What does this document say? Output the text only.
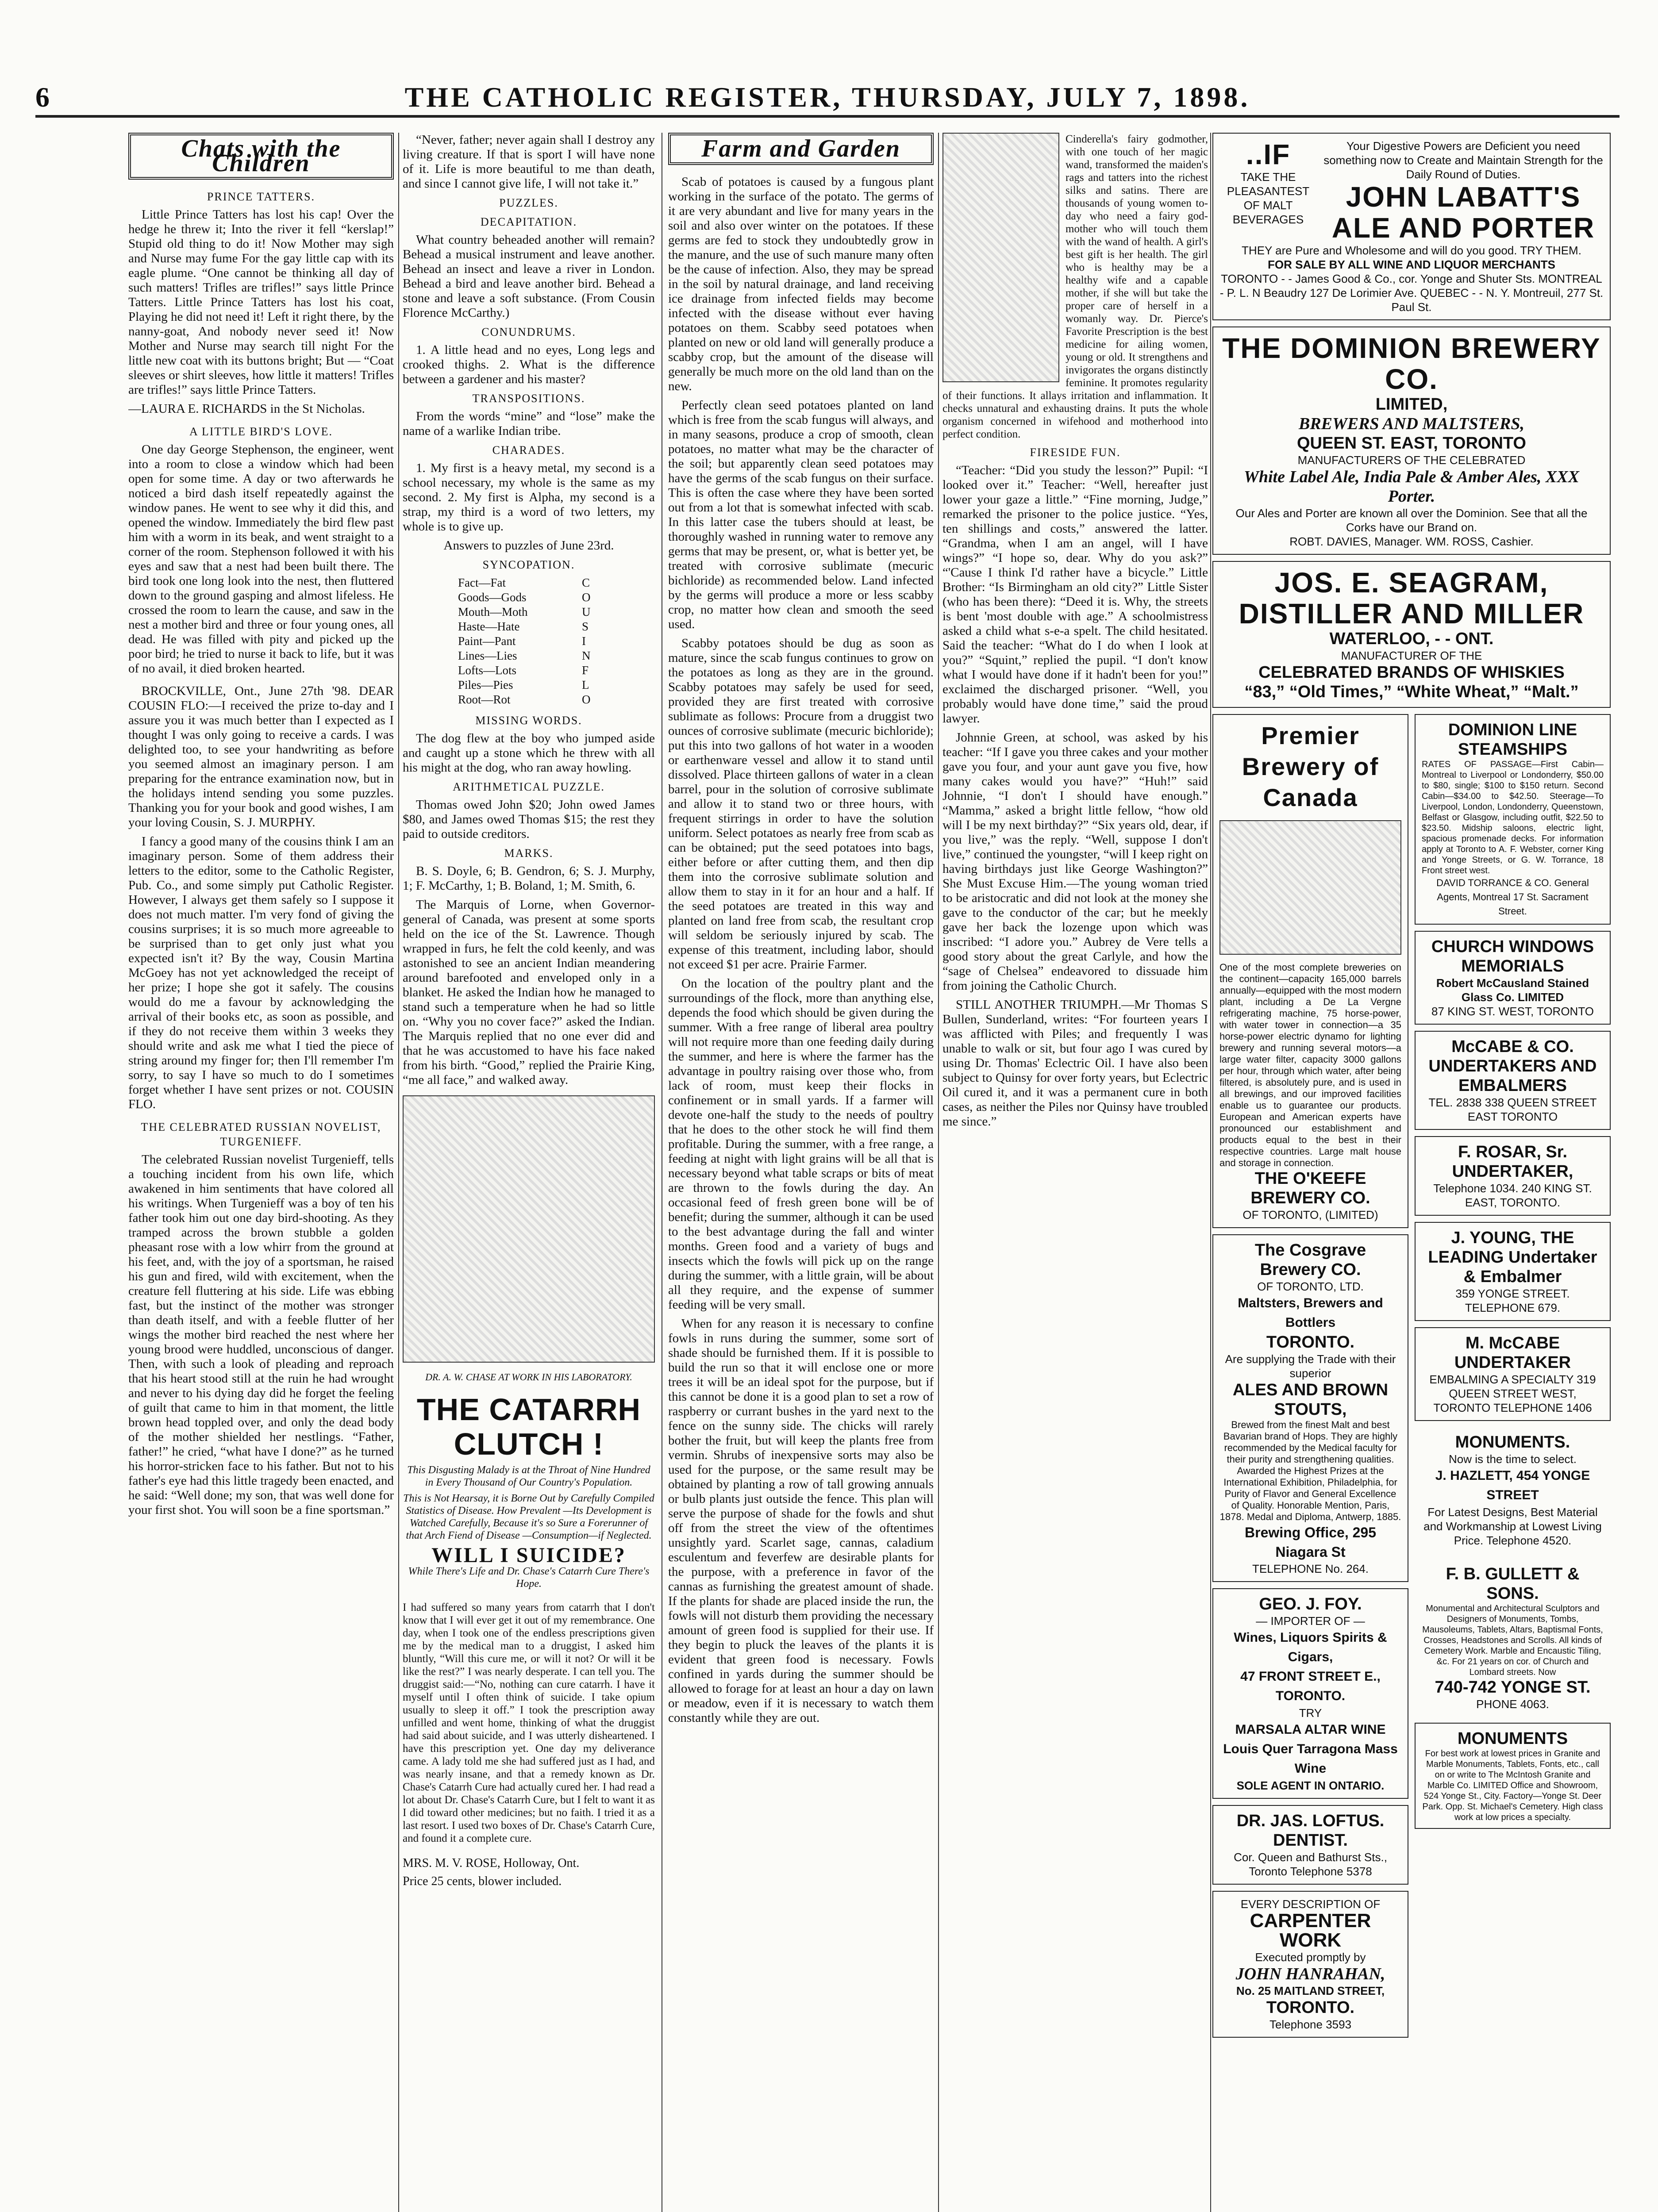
6	THE CATHOLIC REGISTER, THURSDAY, JULY 7, 1898.
Chats with the Children
PRINCE TATTERS.

Little Prince Tatters has lost his cap! Over the hedge he threw it; Into the river it fell “kerslap!” Stupid old thing to do it! Now Mother may sigh and Nurse may fume For the gay little cap with its eagle plume. “One cannot be thinking all day of such matters! Trifles are trifles!” says little Prince Tatters. Little Prince Tatters has lost his coat, Playing he did not need it! Left it right there, by the nanny-goat, And nobody never seed it! Now Mother and Nurse may search till night For the little new coat with its buttons bright; But — “Coat sleeves or shirt sleeves, how little it matters! Trifles are trifles!” says little Prince Tatters.

—LAURA E. RICHARDS in the St Nicholas.

A LITTLE BIRD'S LOVE.

One day George Stephenson, the engineer, went into a room to close a window which had been open for some time. A day or two afterwards he noticed a bird dash itself repeatedly against the window panes. He went to see why it did this, and opened the window. Immediately the bird flew past him with a worm in its beak, and went straight to a corner of the room. Stephenson followed it with his eyes and saw that a nest had been built there. The bird took one long look into the nest, then fluttered down to the ground gasping and almost lifeless. He crossed the room to learn the cause, and saw in the nest a mother bird and three or four young ones, all dead. He was filled with pity and picked up the poor bird; he tried to nurse it back to life, but it was of no avail, it died broken hearted.

BROCKVILLE, Ont., June 27th '98. DEAR COUSIN FLO:—I received the prize to-day and I assure you it was much better than I expected as I thought I was only going to receive a cards. I was delighted too, to see your handwriting as before you seemed almost an imaginary person. I am preparing for the entrance examination now, but in the holidays intend sending you some puzzles. Thanking you for your book and good wishes, I am your loving Cousin, S. J. MURPHY.

I fancy a good many of the cousins think I am an imaginary person. Some of them address their letters to the editor, some to the Catholic Register, Pub. Co., and some simply put Catholic Register. However, I always get them safely so I suppose it does not much matter. I'm very fond of giving the cousins surprises; it is so much more agreeable to be surprised than to get only just what you expected isn't it? By the way, Cousin Martina McGoey has not yet acknowledged the receipt of her prize; I hope she got it safely. The cousins would do me a favour by acknowledging the arrival of their books etc, as soon as possible, and if they do not receive them within 3 weeks they should write and ask me what I tied the piece of string around my finger for; then I'll remember I'm sorry, to say I have so much to do I sometimes forget whether I have sent prizes or not. COUSIN FLO.

THE CELEBRATED RUSSIAN NOVELIST, TURGENIEFF.

The celebrated Russian novelist Turgenieff, tells a touching incident from his own life, which awakened in him sentiments that have colored all his writings. When Turgenieff was a boy of ten his father took him out one day bird-shooting. As they tramped across the brown stubble a golden pheasant rose with a low whirr from the ground at his feet, and, with the joy of a sportsman, he raised his gun and fired, wild with excitement, when the creature fell fluttering at his side. Life was ebbing fast, but the instinct of the mother was stronger than death itself, and with a feeble flutter of her wings the mother bird reached the nest where her young brood were huddled, unconscious of danger. Then, with such a look of pleading and reproach that his heart stood still at the ruin he had wrought and never to his dying day did he forget the feeling of guilt that came to him in that moment, the little brown head toppled over, and only the dead body of the mother shielded her nestlings. “Father, father!” he cried, “what have I done?” as he turned his horror-stricken face to his father. But not to his father's eye had this little tragedy been enacted, and he said: “Well done; my son, that was well done for your first shot. You will soon be a fine sportsman.”

“Never, father; never again shall I destroy any living creature. If that is sport I will have none of it. Life is more beautiful to me than death, and since I cannot give life, I will not take it.”

PUZZLES.
DECAPITATION.

What country beheaded another will remain? Behead a musical instrument and leave another. Behead an insect and leave a river in London. Behead a bird and leave another bird. Behead a stone and leave a soft substance. (From Cousin Florence McCarthy.)

CONUNDRUMS.

1. A little head and no eyes, Long legs and crooked thighs. 2. What is the difference between a gardener and his master?

TRANSPOSITIONS.

From the words “mine” and “lose” make the name of a warlike Indian tribe.

CHARADES.

1. My first is a heavy metal, my second is a school necessary, my whole is the same as my second. 2. My first is Alpha, my second is a strap, my third is a word of two letters, my whole is to give up.

Answers to puzzles of June 23rd.

SYNCOPATION.
Fact—Fat	C
Goods—Gods	O
Mouth—Moth	U
Haste—Hate	S
Paint—Pant	I
Lines—Lies	N
Lofts—Lots	F
Piles—Pies	L
Root—Rot	O
MISSING WORDS.

The dog flew at the boy who jumped aside and caught up a stone which he threw with all his might at the dog, who ran away howling.

ARITHMETICAL PUZZLE.

Thomas owed John $20; John owed James $80, and James owed Thomas $15; the rest they paid to outside creditors.

MARKS.

B. S. Doyle, 6; B. Gendron, 6; S. J. Murphy, 1; F. McCarthy, 1; B. Boland, 1; M. Smith, 6.

The Marquis of Lorne, when Governor-general of Canada, was present at some sports held on the ice of the St. Lawrence. Though wrapped in furs, he felt the cold keenly, and was astonished to see an ancient Indian meandering around barefooted and enveloped only in a blanket. He asked the Indian how he managed to stand such a temperature when he had so little on. “Why you no cover face?” asked the Indian. The Marquis replied that no one ever did and that he was accustomed to have his face naked from his birth. “Good,” replied the Prairie King, “me all face,” and walked away.

DR. A. W. CHASE AT WORK IN HIS LABORATORY.
THE CATARRH CLUTCH !
This Disgusting Malady is at the Throat of Nine Hundred in Every Thousand of Our Country's Population.
This is Not Hearsay, it is Borne Out by Carefully Compiled Statistics of Disease. How Prevalent —Its Development is Watched Carefully, Because it's so Sure a Forerunner of that Arch Fiend of Disease —Consumption—if Neglected.
WILL I SUICIDE?
While There's Life and Dr. Chase's Catarrh Cure There's Hope.

I had suffered so many years from catarrh that I don't know that I will ever get it out of my remembrance. One day, when I took one of the endless prescriptions given me by the medical man to a druggist, I asked him bluntly, “Will this cure me, or will it not? Or will it be like the rest?” I was nearly desperate. I can tell you. The druggist said:—“No, nothing can cure catarrh. I have it myself until I often think of suicide. I take opium usually to sleep it off.” I took the prescription away unfilled and went home, thinking of what the druggist had said about suicide, and I was utterly disheartened. I have this prescription yet. One day my deliverance came. A lady told me she had suffered just as I had, and was nearly insane, and that a remedy known as Dr. Chase's Catarrh Cure had actually cured her. I had read a lot about Dr. Chase's Catarrh Cure, but I felt to want it as I did toward other medicines; but no faith. I tried it as a last resort. I used two boxes of Dr. Chase's Catarrh Cure, and found it a complete cure.

MRS. M. V. ROSE, Holloway, Ont.
Price 25 cents, blower included.
Farm and Garden

Scab of potatoes is caused by a fungous plant working in the surface of the potato. The germs of it are very abundant and live for many years in the soil and also over winter on the potatoes. If these germs are fed to stock they undoubtedly grow in the manure, and the use of such manure many often be the cause of infection. Also, they may be spread in the soil by natural drainage, and land receiving ice drainage from infected fields may become infected with the disease without ever having potatoes on them. Scabby seed potatoes when planted on new or old land will generally produce a scabby crop, but the amount of the disease will generally be much more on the old land than on the new.

Perfectly clean seed potatoes planted on land which is free from the scab fungus will always, and in many seasons, produce a crop of smooth, clean potatoes, no matter what may be the character of the soil; but apparently clean seed potatoes may have the germs of the scab fungus on their surface. This is often the case where they have been sorted out from a lot that is somewhat infected with scab. In this latter case the tubers should at least, be thoroughly washed in running water to remove any germs that may be present, or, what is better yet, be treated with corrosive sublimate (mecuric bichloride) as recommended below. Land infected by the germs will produce a more or less scabby crop, no matter how clean and smooth the seed used.

Scabby potatoes should be dug as soon as mature, since the scab fungus continues to grow on the potatoes as long as they are in the ground. Scabby potatoes may safely be used for seed, provided they are first treated with corrosive sublimate as follows: Procure from a druggist two ounces of corrosive sublimate (mecuric bichloride); put this into two gallons of hot water in a wooden or earthenware vessel and allow it to stand until dissolved. Place thirteen gallons of water in a clean barrel, pour in the solution of corrosive sublimate and allow it to stand two or three hours, with frequent stirrings in order to have the solution uniform. Select potatoes as nearly free from scab as can be obtained; put the seed potatoes into bags, either before or after cutting them, and then dip them into the corrosive sublimate solution and allow them to stay in it for an hour and a half. If the seed potatoes are treated in this way and planted on land free from scab, the resultant crop will seldom be seriously injured by scab. The expense of this treatment, including labor, should not exceed $1 per acre. Prairie Farmer.

On the location of the poultry plant and the surroundings of the flock, more than anything else, depends the food which should be given during the summer. With a free range of liberal area poultry will not require more than one feeding daily during the summer, and here is where the farmer has the advantage in poultry raising over those who, from lack of room, must keep their flocks in confinement or in small yards. If a farmer will devote one-half the study to the needs of poultry that he does to the other stock he will find them profitable. During the summer, with a free range, a feeding at night with light grains will be all that is necessary beyond what table scraps or bits of meat are thrown to the fowls during the day. An occasional feed of fresh green bone will be of benefit; during the summer, although it can be used to the best advantage during the fall and winter months. Green food and a variety of bugs and insects which the fowls will pick up on the range during the summer, with a little grain, will be about all they require, and the expense of summer feeding will be very small.

When for any reason it is necessary to confine fowls in runs during the summer, some sort of shade should be furnished them. If it is possible to build the run so that it will enclose one or more trees it will be an ideal spot for the purpose, but if this cannot be done it is a good plan to set a row of raspberry or currant bushes in the yard next to the fence on the sunny side. The chicks will rarely bother the fruit, but will keep the plants free from vermin. Shrubs of inexpensive sorts may also be used for the purpose, or the same result may be obtained by planting a row of tall growing annuals or bulb plants just outside the fence. This plan will serve the purpose of shade for the fowls and shut off from the street the view of the oftentimes unsightly yard. Scarlet sage, cannas, caladium esculentum and feverfew are desirable plants for the purpose, with a preference in favor of the cannas as furnishing the greatest amount of shade. If the plants for shade are placed inside the run, the fowls will not disturb them providing the necessary amount of green food is supplied for their use. If they begin to pluck the leaves of the plants it is evident that green food is necessary. Fowls confined in yards during the summer should be allowed to forage for at least an hour a day on lawn or meadow, even if it is necessary to watch them constantly while they are out.

Cinderella's fairy godmother, with one touch of her magic wand, transformed the maiden's rags and tatters into the richest silks and satins. There are thousands of young women to-day who need a fairy god-mother who will touch them with the wand of health. A girl's best gift is her health. The girl who is healthy may be a healthy wife and a capable mother, if she will but take the proper care of herself in a womanly way. Dr. Pierce's Favorite Prescription is the best medicine for ailing women, young or old. It strengthens and invigorates the organs distinctly feminine. It promotes regularity of their functions. It allays irritation and inflammation. It checks unnatural and exhausting drains. It puts the whole organism concerned in wifehood and motherhood into perfect condition.

FIRESIDE FUN.

“Teacher: “Did you study the lesson?” Pupil: “I looked over it.” Teacher: “Well, hereafter just lower your gaze a little.” “Fine morning, Judge,” remarked the prisoner to the police justice. “Yes, ten shillings and costs,” answered the latter. “Grandma, when I am an angel, will I have wings?” “I hope so, dear. Why do you ask?” “'Cause I think I'd rather have a bicycle.” Little Brother: “Is Birmingham an old city?” Little Sister (who has been there): “Deed it is. Why, the streets is bent 'most double with age.” A schoolmistress asked a child what s-e-a spelt. The child hesitated. Said the teacher: “What do I do when I look at you?” “Squint,” replied the pupil. “I don't know what I would have done if it hadn't been for you!” exclaimed the discharged prisoner. “Well, you probably would have done time,” said the proud lawyer.

Johnnie Green, at school, was asked by his teacher: “If I gave you three cakes and your mother gave you four, and your aunt gave you five, how many cakes would you have?” “Huh!” said Johnnie, “I don't I should have enough.” “Mamma,” asked a bright little fellow, “how old will I be my next birthday?” “Six years old, dear, if you live,” was the reply. “Well, suppose I don't live,” continued the youngster, “will I keep right on having birthdays just like George Washington?” She Must Excuse Him.—The young woman tried to be aristocratic and did not look at the money she gave to the conductor of the car; but he meekly gave her back the lozenge upon which was inscribed: “I adore you.” Aubrey de Vere tells a good story about the great Carlyle, and how the “sage of Chelsea” endeavored to dissuade him from joining the Catholic Church.

STILL ANOTHER TRIUMPH.—Mr Thomas S Bullen, Sunderland, writes: “For fourteen years I was afflicted with Piles; and frequently I was unable to walk or sit, but four ago I was cured by using Dr. Thomas' Eclectric Oil. I have also been subject to Quinsy for over forty years, but Eclectric Oil cured it, and it was a permanent cure in both cases, as neither the Piles nor Quinsy have troubled me since.”

..IF
TAKE THE PLEASANTEST OF MALT BEVERAGES
Your Digestive Powers are Deficient you need something now to Create and Maintain Strength for the Daily Round of Duties.
JOHN LABATT'S
ALE AND PORTER
THEY are Pure and Wholesome and will do you good. TRY THEM.
FOR SALE BY ALL WINE AND LIQUOR MERCHANTS
TORONTO - - James Good & Co., cor. Yonge and Shuter Sts. MONTREAL - P. L. N Beaudry 127 De Lorimier Ave. QUEBEC - - N. Y. Montreuil, 277 St. Paul St.
THE DOMINION BREWERY CO.
LIMITED,
BREWERS AND MALTSTERS,
QUEEN ST. EAST, TORONTO
MANUFACTURERS OF THE CELEBRATED
White Label Ale, India Pale & Amber Ales, XXX Porter.
Our Ales and Porter are known all over the Dominion. See that all the Corks have our Brand on.
ROBT. DAVIES, Manager. WM. ROSS, Cashier.
JOS. E. SEAGRAM,
DISTILLER AND MILLER
WATERLOO, - - ONT.
MANUFACTURER OF THE
CELEBRATED BRANDS OF WHISKIES
“83,” “Old Times,” “White Wheat,” “Malt.”
Premier Brewery of Canada
One of the most complete breweries on the continent—capacity 165,000 barrels annually—equipped with the most modern plant, including a De La Vergne refrigerating machine, 75 horse-power, with water tower in connection—a 35 horse-power electric dynamo for lighting brewery and running several motors—a large water filter, capacity 3000 gallons per hour, through which water, after being filtered, is absolutely pure, and is used in all brewings, and our improved facilities enable us to guarantee our products. European and American experts have pronounced our establishment and products equal to the best in their respective countries. Large malt house and storage in connection.
THE O'KEEFE BREWERY CO.
OF TORONTO, (LIMITED)
The Cosgrave Brewery CO.
OF TORONTO, LTD.
Maltsters, Brewers and Bottlers
TORONTO.
Are supplying the Trade with their superior
ALES AND BROWN STOUTS,
Brewed from the finest Malt and best Bavarian brand of Hops. They are highly recommended by the Medical faculty for their purity and strengthening qualities. Awarded the Highest Prizes at the International Exhibition, Philadelphia, for Purity of Flavor and General Excellence of Quality. Honorable Mention, Paris, 1878. Medal and Diploma, Antwerp, 1885.
Brewing Office, 295 Niagara St
TELEPHONE No. 264.
GEO. J. FOY.
— IMPORTER OF —
Wines, Liquors Spirits & Cigars,
47 FRONT STREET E.,
TORONTO.
TRY
MARSALA ALTAR WINE
Louis Quer Tarragona Mass Wine
SOLE AGENT IN ONTARIO.
DR. JAS. LOFTUS.
DENTIST.
Cor. Queen and Bathurst Sts., Toronto Telephone 5378
EVERY DESCRIPTION OF
CARPENTER WORK
Executed promptly by
JOHN HANRAHAN,
No. 25 MAITLAND STREET,
TORONTO.
Telephone 3593
DOMINION LINE STEAMSHIPS
RATES OF PASSAGE—First Cabin—Montreal to Liverpool or Londonderry, $50.00 to $80, single; $100 to $150 return. Second Cabin—$34.00 to $42.50. Steerage—To Liverpool, London, Londonderry, Queenstown, Belfast or Glasgow, including outfit, $22.50 to $23.50. Midship saloons, electric light, spacious promenade decks. For information apply at Toronto to A. F. Webster, corner King and Yonge Streets, or G. W. Torrance, 18 Front street west.
DAVID TORRANCE & CO. General Agents, Montreal 17 St. Sacrament Street.
CHURCH WINDOWS MEMORIALS
Robert McCausland Stained Glass Co. LIMITED
87 KING ST. WEST, TORONTO
McCABE & CO. UNDERTAKERS AND EMBALMERS
TEL. 2838 338 QUEEN STREET EAST TORONTO
F. ROSAR, Sr. UNDERTAKER,
Telephone 1034. 240 KING ST. EAST, TORONTO.
J. YOUNG, THE LEADING Undertaker & Embalmer
359 YONGE STREET. TELEPHONE 679.
M. McCABE UNDERTAKER
EMBALMING A SPECIALTY 319 QUEEN STREET WEST, TORONTO TELEPHONE 1406
MONUMENTS.
Now is the time to select.
J. HAZLETT, 454 YONGE STREET
For Latest Designs, Best Material and Workmanship at Lowest Living Price. Telephone 4520.
F. B. GULLETT & SONS.
Monumental and Architectural Sculptors and Designers of Monuments, Tombs, Mausoleums, Tablets, Altars, Baptismal Fonts, Crosses, Headstones and Scrolls. All kinds of Cemetery Work. Marble and Encaustic Tiling, &c. For 21 years on cor. of Church and Lombard streets. Now
740-742 YONGE ST.
PHONE 4063.
MONUMENTS
For best work at lowest prices in Granite and Marble Monuments, Tablets, Fonts, etc., call on or write to The McIntosh Granite and Marble Co. LIMITED Office and Showroom, 524 Yonge St., City. Factory—Yonge St. Deer Park. Opp. St. Michael's Cemetery. High class work at low prices a specialty.
